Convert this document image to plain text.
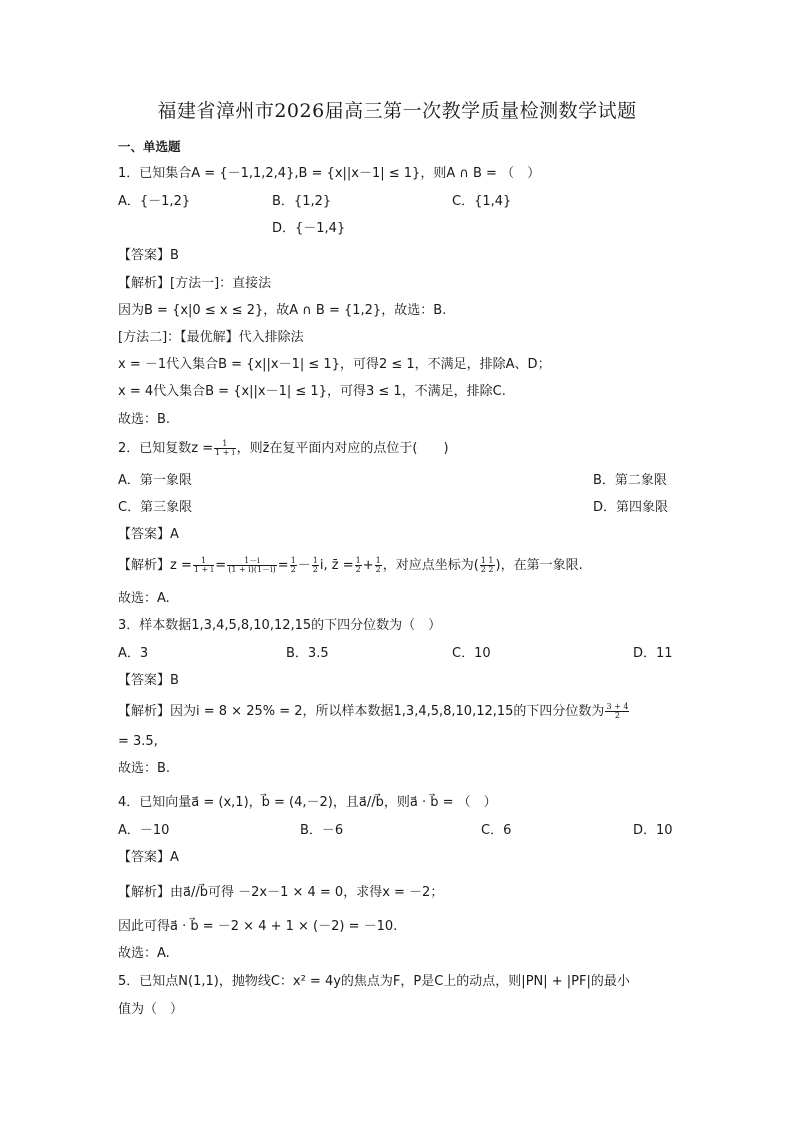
福建省漳州市2026届高三第一次教学质量检测数学试题
一、单选题
1．已知集合A = {－1,1,2,4},B = {x||x－1| ≤ 1}，则A ∩ B = （　）
A．{－1,2}	B．{1,2}	C．{1,4}
D．{－1,4}
【答案】B
【解析】[方法一]：直接法
因为B = {x|0 ≤ x ≤ 2}，故A ∩ B = {1,2}，故选：B.
[方法二]：【最优解】代入排除法
x = －1代入集合B = {x||x－1| ≤ 1}，可得2 ≤ 1，不满足，排除A、D；
x = 4代入集合B = {x||x－1| ≤ 1}，可得3 ≤ 1，不满足，排除C.
故选：B.
2．已知复数$z = \frac{1}{1 + i}$ ，则z̄在复平面内对应的点位于(　　)
A．第一象限	B．第二象限
C．第三象限	D．第四象限
【答案】A
【解析】$z = \frac{1}{1 + i} = \frac{1-i}{(1 + i)(1-i)} = \frac{1}{2} - \frac{1}{2} i$, z̄ = $\frac{1}{2} + \frac{1}{2}$ ，对应点坐标为( $\frac{1 1}{2 2}$ )，在第一象限.
故选：A.
3．样本数据1,3,4,5,8,10,12,15的下四分位数为（　）
A．3	B．3.5	C．10	D．11
【答案】B
【解析】因为i = 8 × 25% = 2，所以样本数据1,3,4,5,8,10,12,15的下四分位数为 $\frac{3 + 4}{2}$
= 3.5,
故选：B.
4．已知向量a⃗ = (x,1)，b⃗ = (4,－2)，且a⃗//b⃗，则a⃗ · b⃗ = （　）
A．－10	B．－6	C．6	D．10
【答案】A
【解析】由a⃗//b⃗可得 －2x－1 × 4 = 0，求得x = －2；
因此可得a⃗ · b⃗ = －2 × 4 + 1 × (－2) = －10.
故选：A.
5．已知点N(1,1)，抛物线C：x² = 4y的焦点为F，P是C上的动点，则|PN| + |PF|的最小
值为（　）
